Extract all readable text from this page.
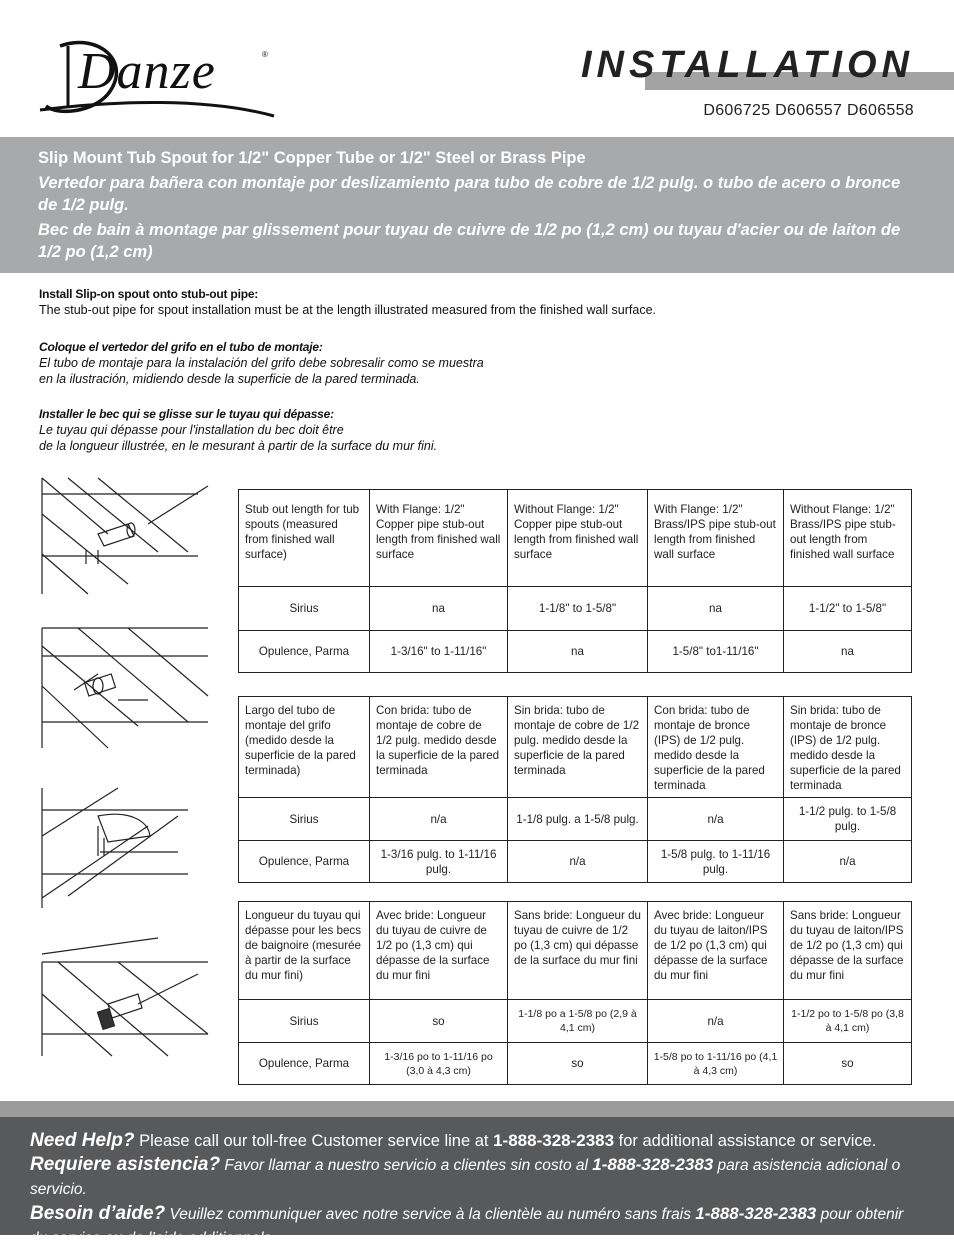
Danze	®	INSTALLATION
D606725 D606557 D606558
Slip Mount Tub Spout for 1/2" Copper Tube or 1/2" Steel or Brass Pipe
Vertedor para bañera con montaje por deslizamiento para tubo de cobre de 1/2 pulg. o tubo de acero o bronce de 1/2 pulg.
Bec de bain à montage par glissement pour tuyau de cuivre de 1/2 po (1,2 cm) ou tuyau d'acier ou de laiton de 1/2 po (1,2 cm)
Install Slip-on spout onto stub-out pipe:
The stub-out pipe for spout installation must be at the length illustrated measured from the finished wall surface.
Coloque el vertedor del grifo en el tubo de montaje:
El tubo de montaje para la instalación del grifo debe sobresalir como se muestra
en la ilustración, midiendo desde la superficie de la pared terminada.
Installer le bec qui se glisse sur le tuyau qui dépasse:
Le tuyau qui dépasse pour l'installation du bec doit être
de la longueur illustrée, en le mesurant à partir de la surface du mur fini.
Stub out length for tub spouts (measured from finished wall surface)	With Flange: 1/2" Copper pipe stub-out length from finished wall surface	Without Flange: 1/2" Copper pipe stub-out length from finished wall surface	With Flange: 1/2" Brass/IPS pipe stub-out length from finished wall surface	Without Flange: 1/2" Brass/IPS pipe stub-out length from finished wall surface
Sirius	na	1-1/8" to 1-5/8"	na	1-1/2" to 1-5/8"
Opulence, Parma	1-3/16" to 1-11/16"	na	1-5/8" to1-11/16"	na
Largo del tubo de montaje del grifo (medido desde la superficie de la pared terminada)	Con brida: tubo de montaje de cobre de 1/2 pulg. medido desde la superficie de la pared terminada	Sin brida: tubo de montaje de cobre de 1/2 pulg. medido desde la superficie de la pared terminada	Con brida: tubo de montaje de bronce (IPS) de 1/2 pulg. medido desde la superficie de la pared terminada	Sin brida: tubo de montaje de bronce (IPS) de 1/2 pulg. medido desde la superficie de la pared terminada
Sirius	n/a	1-1/8 pulg. a 1-5/8 pulg.	n/a	1-1/2 pulg. to 1-5/8 pulg.
Opulence, Parma	1-3/16 pulg. to 1-11/16 pulg.	n/a	1-5/8 pulg. to 1-11/16 pulg.	n/a
Longueur du tuyau qui dépasse pour les becs de baignoire (mesurée à partir de la surface du mur fini)	Avec bride: Longueur du tuyau de cuivre de 1/2 po (1,3 cm) qui dépasse de la surface du mur fini	Sans bride: Longueur du tuyau de cuivre de 1/2 po (1,3 cm) qui dépasse de la surface du mur fini	Avec bride: Longueur du tuyau de laiton/IPS de 1/2 po (1,3 cm) qui dépasse de la surface du mur fini	Sans bride: Longueur du tuyau de laiton/IPS de 1/2 po (1,3 cm) qui dépasse de la surface du mur fini
Sirius	so	1-1/8 po a 1-5/8 po (2,9 à 4,1 cm)	n/a	1-1/2 po to 1-5/8 po (3,8 à 4,1 cm)
Opulence, Parma	1-3/16 po to 1-11/16 po (3,0 à 4,3 cm)	so	1-5/8 po to 1-11/16 po (4,1 à 4,3 cm)	so

Need Help? Please call our toll-free Customer service line at 1-888-328-2383 for additional assistance or service.

Requiere asistencia? Favor llamar a nuestro servicio a clientes sin costo al 1-888-328-2383 para asistencia adicional o servicio.

Besoin d’aide? Veuillez communiquer avec notre service à la clientèle au numéro sans frais 1-888-328-2383 pour obtenir du service ou de l’aide additionnels.
